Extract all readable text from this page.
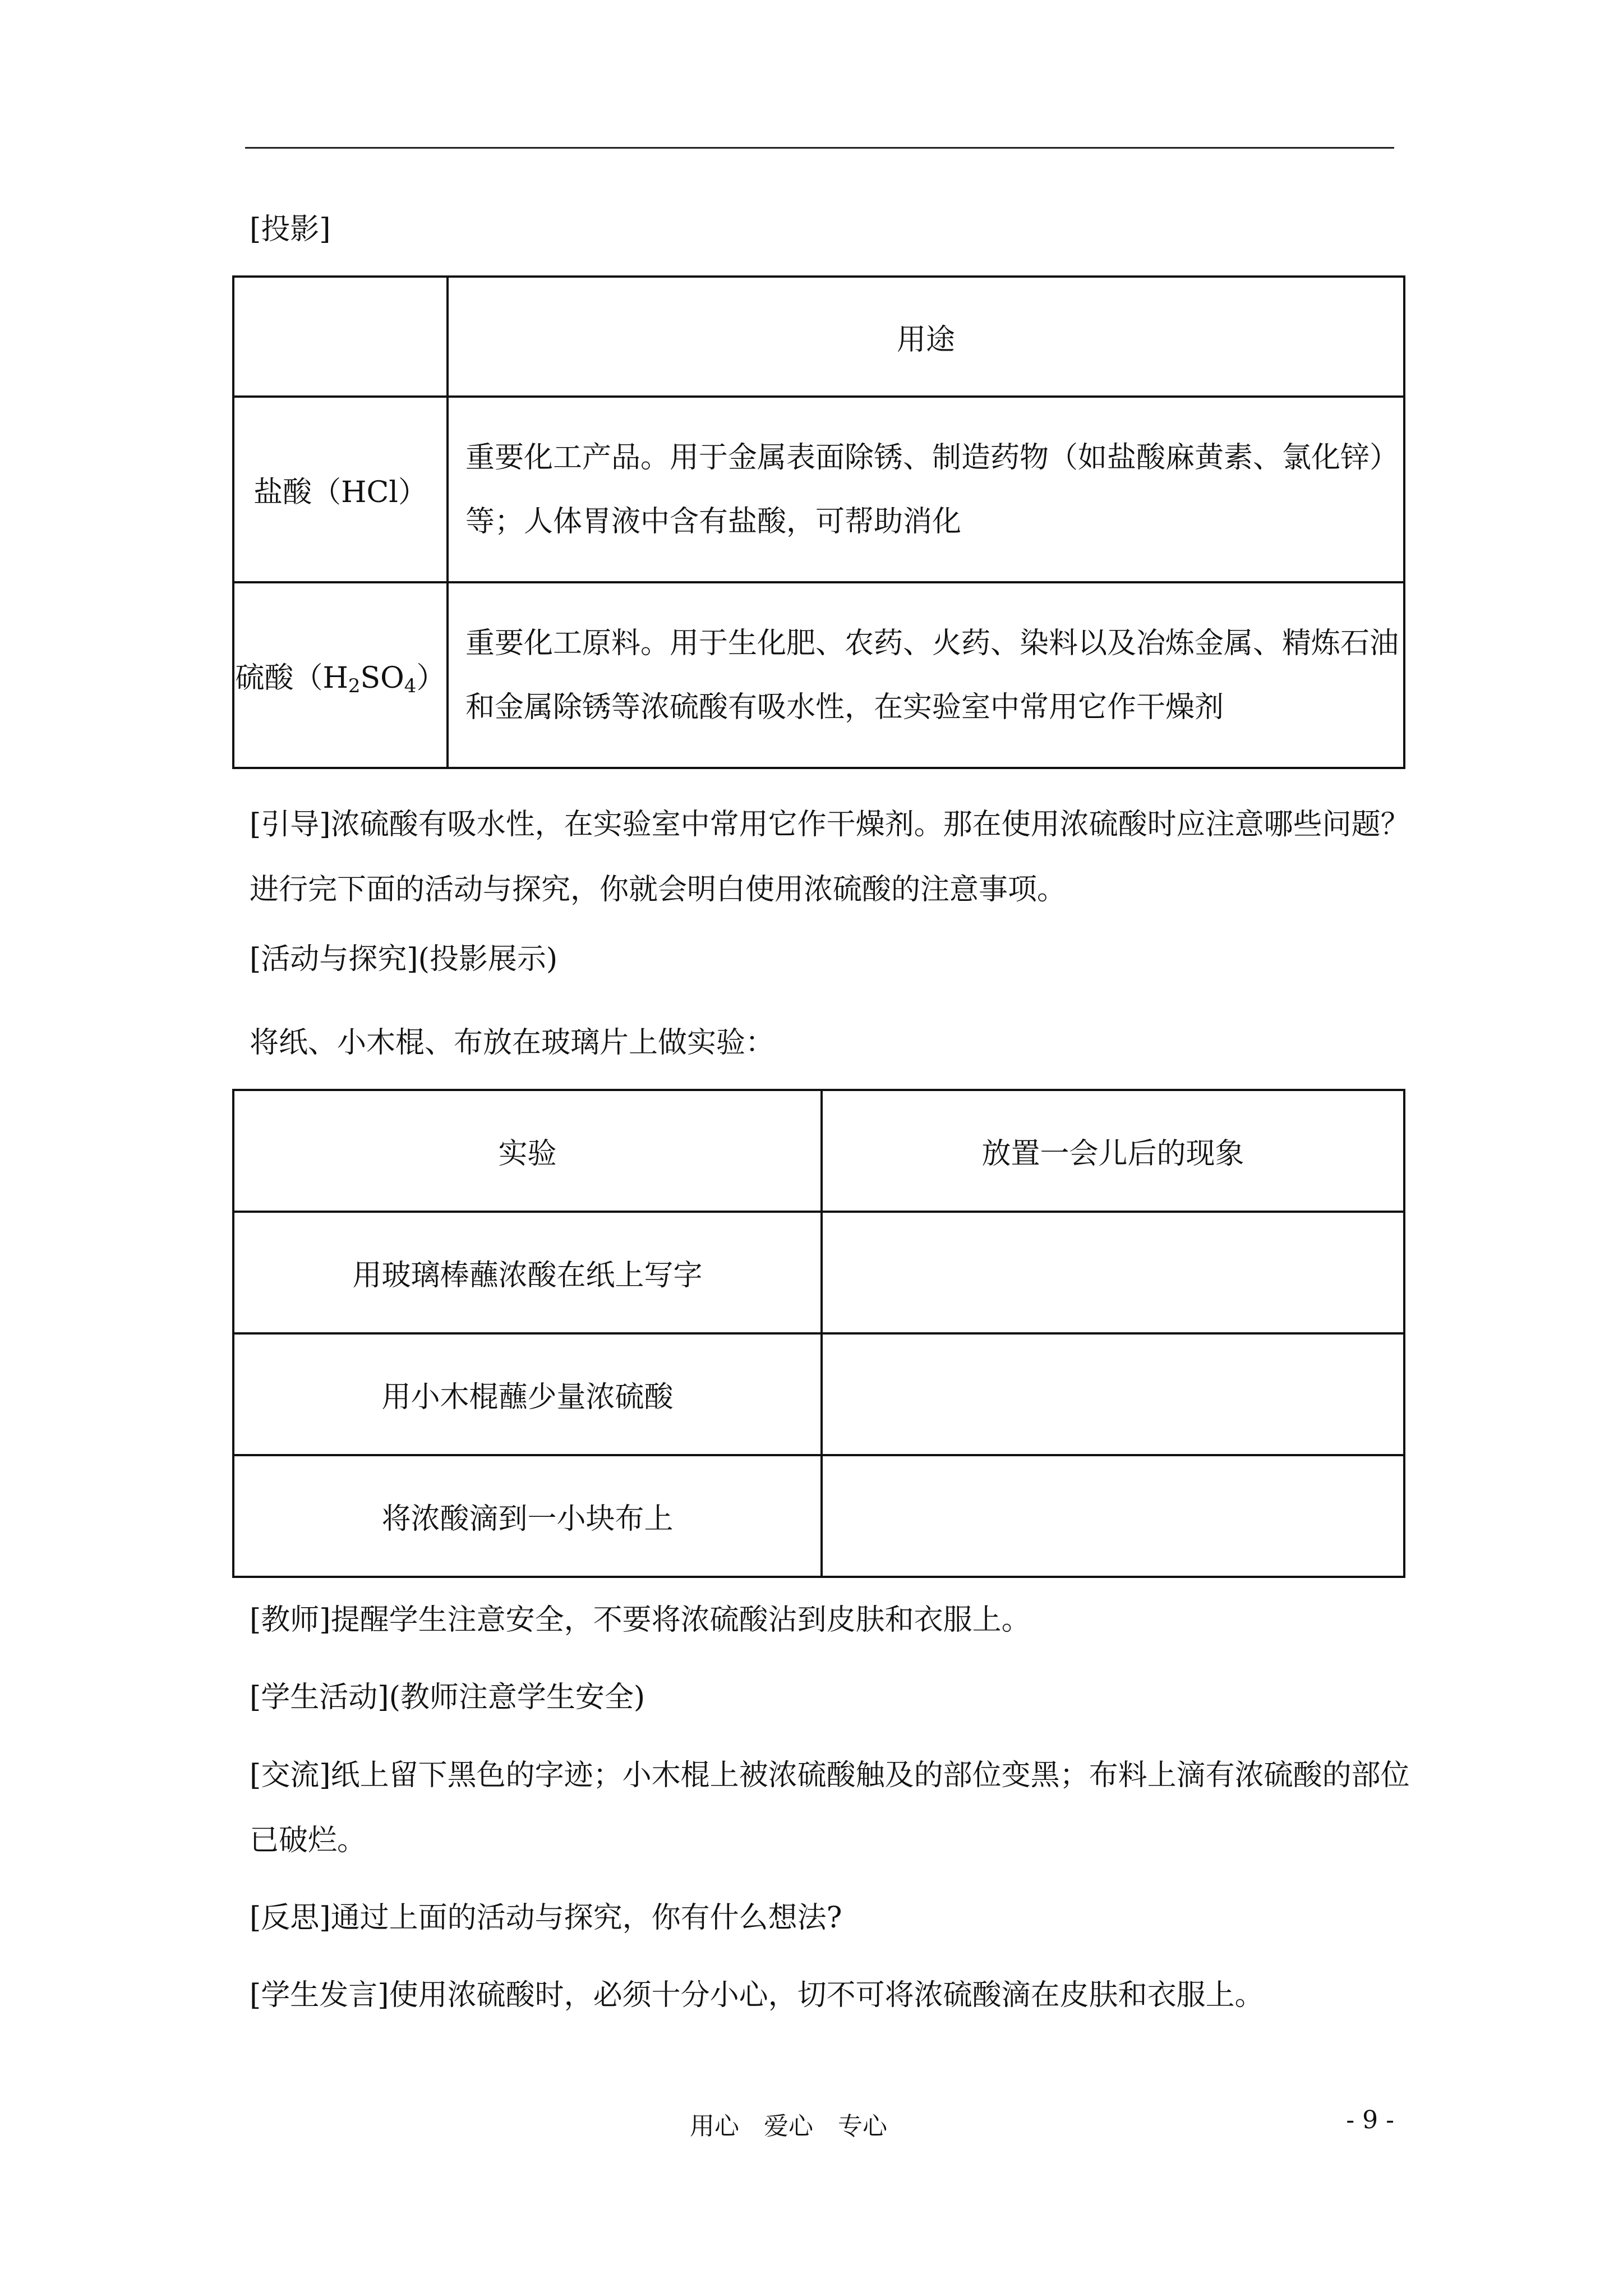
[投影]
	用途
盐酸（HCl）	重要化工产品。用于金属表面除锈、制造药物（如盐酸麻黄素、氯化锌）
等；人体胃液中含有盐酸，可帮助消化

硫酸$(H_2SO_4)$	重要化工原料。用于生化肥、农药、火药、染料以及冶炼金属、精炼石油
和金属除锈等浓硫酸有吸水性，在实验室中常用它作干燥剂
[引导]浓硫酸有吸水性，在实验室中常用它作干燥剂。那在使用浓硫酸时应注意哪些问题？
进行完下面的活动与探究，你就会明白使用浓硫酸的注意事项。
[活动与探究](投影展示)
将纸、小木棍、布放在玻璃片上做实验：
实验	放置一会儿后的现象
用玻璃棒蘸浓酸在纸上写字	
用小木棍蘸少量浓硫酸	
将浓酸滴到一小块布上	
[教师]提醒学生注意安全，不要将浓硫酸沾到皮肤和衣服上。
[学生活动](教师注意学生安全)
[交流]纸上留下黑色的字迹；小木棍上被浓硫酸触及的部位变黑；布料上滴有浓硫酸的部位
已破烂。
[反思]通过上面的活动与探究，你有什么想法?
[学生发言]使用浓硫酸时，必须十分小心，切不可将浓硫酸滴在皮肤和衣服上。
用心　爱心　专心	- 9 -
